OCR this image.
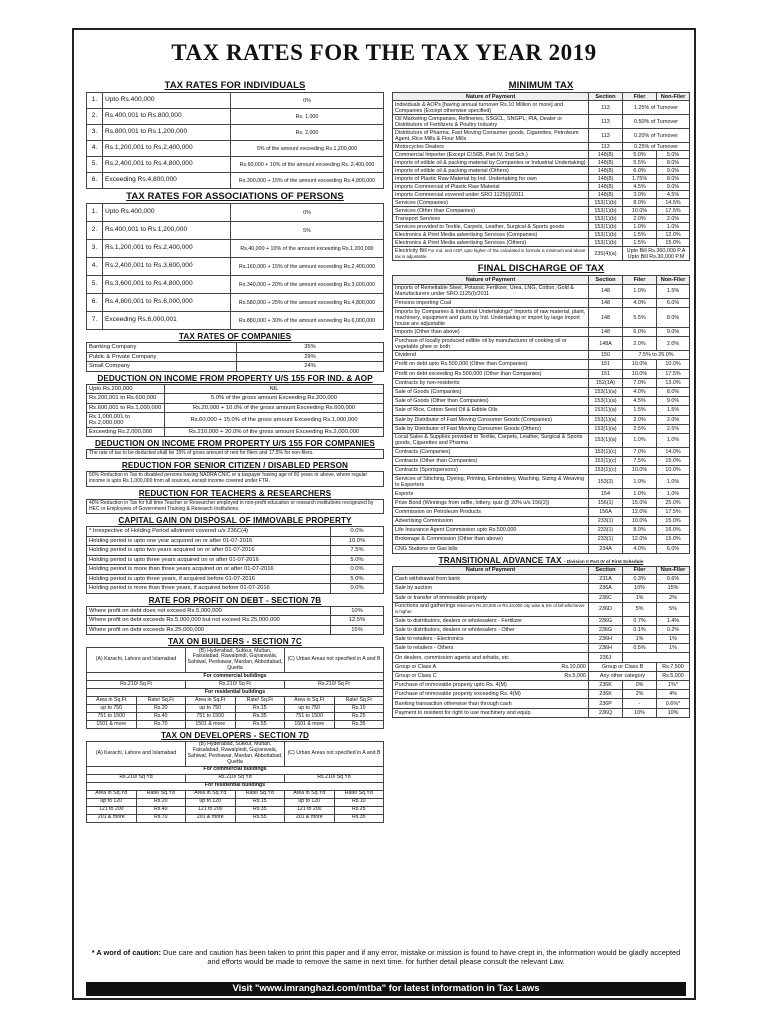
TAX RATES FOR THE TAX YEAR 2019
TAX RATES FOR INDIVIDUALS
1.	Upto Rs.400,000	0%
2.	Rs.400,001 to Rs.800,000	Rs. 1,000
3.	Rs.800,001 to Rs.1,200,000	Rs. 2,000
4.	Rs.1,200,001 to Rs.2,400,000	5% of the amount exceeding Rs.1,200,000
5.	Rs.2,400,001 to Rs.4,800,000	Rs.60,000 + 10% of the amount exceeding Rs..2,400,000
6.	Exceeding Rs.4,800,000	Rs.300,000 + 15% of the amount exceeding Rs.4,800,000
TAX RATES FOR ASSOCIATIONS OF PERSONS
1.	Upto Rs.400,000	0%
2.	Rs.400,001 to Rs.1,200,000	5%
3.	Rs.1,200,001 to Rs.2,400,000	Rs.40,000 + 10% of the amount exceeding Rs.1,200,000
4.	Rs.2,400,001 to Rs.3,600,000	Rs.160,000 + 15% of the amount exceeding Rs.2,400,000
5.	Rs.3,600,001 to Rs.4,800,000	Rs.340,000 + 20% of the amount exceeding Rs.3,600,000
6.	Rs.4,800,001 to Rs.6,000,000	Rs.580,000 + 25% of the amount exceeding Rs.4,800,000
7.	Exceeding Rs.6,000,001	Rs.880,000 + 30% of the amount exceeding Rs.6,000,000
TAX RATES OF COMPANIES
Banking Company	35%
Public & Private Company	29%
Small Company	24%
DEDUCTION ON INCOME FROM PROPERTY U/S 155 FOR IND. & AOP
Upto Rs.200,000	NIL
Rs.200,001 to Rs.600,000	5.0% of the gross amount Exceeding Rs.200,000
Rs.600,001 to Rs.1,000,000	Rs.20,000 + 10.0% of the gross amount Exceeding Rs.600,000
Rs.1,000,001 to Rs.2,000,000	Rs.60,000 + 15.0% of the gross amount Exceeding Rs.1,000,000
Exceeding Rs.2,000,000	Rs.210,000 + 20.0% of the gross amount Exceeding Rs.2,000,000
DEDUCTION ON INCOME FROM PROPERTY U/S 155 FOR COMPANIES
The rate of tax to be deducted shall be 15% of gross amount of rent for filers and 17.5% for non-filers.
REDUCTION FOR SENIOR CITIZEN / DISABLED PERSON
50% Reduction in Tax to disabled persons having NADRA CNIC or a taxpayer having age of 60 years or above, where regular income is upto Rs.1,000,000 from all sources, except income covered under FTR.
REDUCTION FOR TEACHERS & RESEARCHERS
40% Reduction in Tax for full time Teacher or Researcher employed in non-profit education or research institutions recognized by HEC or Employees of Government Training & Research Institutions.
CAPITAL GAIN ON DISPOSAL OF IMMOVABLE PROPERTY
* Irrespective of Holding Period allotment covered u/s 236C(4)	0.0%
Holding period is upto one year acquired on or after 01-07-2016	10.0%
Holding period is upto two years acquired on or after 01-07-2016	7.5%
Holding period is upto three years acquired on or after 01-07-2016	5.0%
Holding period is more than three years acquired on or after 01-07-2016	0.0%
Holding period is upto three years, if acquired before 01-07-2016	5.0%
Holding period is more than three years, if acquired before 01-07-2016	0.0%
RATE FOR PROFIT ON DEBT - SECTION 7B
Where profit on debt does not exceed Rs.5,000,000	10%
Where profit on debt exceeds Rs.5,000,000 but not exceed Rs.25,000,000	12.5%
Where profit on debt exceeds Rs.25,000,000	15%
TAX ON BUILDERS - SECTION 7C
(A) Karachi, Lahore and Islamabad		(B) Hyderabad, Sukkur, Multan, Faisalabad, Rawalpindi, Gujranwala, Sahiwal, Peshawar, Mardan, Abbottabad, Quetta		(C) Urban Areas not specified in A and B	
For commercial buildings					
Rs.210/ Sq Ft		Rs.210/ Sq Ft		Rs.210/ Sq Ft	
For residential buildings					
Area in Sq.Ft	Rate/ Sq.Ft	Area in Sq.Ft	Rate/ Sq.Ft	Area in Sq.Ft	Rate/ Sq.Ft
up to 750	Rs.20	up to 750	Rs.15	up to 750	Rs.10
751 to 1500	Rs.40	751 to 1500	Rs.35	751 to 1500	Rs.25
1501 & more	Rs.70	1501 & more	Rs.55	1501 & more	Rs.35
TAX ON DEVELOPERS - SECTION 7D
(A) Karachi, Lahore and Islamabad		(B) Hyderabad, Sukkur, Multan, Faisalabad, Rawalpindi, Gujranwala, Sahiwal, Peshawar, Mardan, Abbottabad, Quetta		(C) Urban Areas not specified in A and B	
For commercial buildings					
Rs.210/ Sq Yd		Rs.210/ Sq Yd		Rs.210/ Sq Yd	
For residential buildings					
Area in Sq.Yd	Rate/ Sq.Yd	Area in Sq.Yd	Rate/ Sq.Yd	Area in Sq.Yd	Rate/ Sq.Yd
up to 120	Rs.20	up to 120	Rs.15	up to 120	Rs.10
121 to 200	Rs.40	121 to 200	Rs.35	121 to 200	Rs.25
201 & more	Rs.70	201 & more	Rs.55	201 & more	Rs.35
MINIMUM TAX
Nature of Payment	Section	Filer	Non-Filer
Individuals & AOPs [having annual turnover Rs.10 Million or more] and Companies (Except otherwise specified)	113	1.25% of Turnover	
Oil Marketing Companies, Refineries, SSGCL, SNGPL, PIA, Dealer or Distributors of Fertilizers & Poultry Industry	113	0.50% of Turnover	
Distributors of Pharma, Fast Moving Consumer goods, Cigarettes, Petroleum Agent, Rice Mills & Flour Mills	113	0.20% of Turnover	
Motorcycles Dealers	113	0.25% of Turnover	
Commercial Importer (Except Cl.56B, Part IV, 2nd Sch.)	148(8)	5.0%	5.0%
Imports of edible oil & packing material by Companies or Industrial Undertaking)	148(8)	5.5%	8.0%
Imports of edible oil & packing material (Others)	148(8)	6.0%	9.0%
Imports of Plastic Raw Material by Ind. Undertaking for own	148(8)	1.75%	8.0%
Imports Commercial of Plastic Raw Material	148(8)	4.5%	9.0%
Imports Commercial covered under SRO.1125(I)/2011	148(8)	3.0%	4.5%
Services (Companies)	153(1)(b)	8.0%	14.5%
Services (Other than Companies)	153(1)(b)	10.0%	17.5%
Transport Services	153(1)(b)	2.0%	2.0%
Services provided to Textile, Carpets, Leather, Surgical & Sports goods	153(1)(b)	1.0%	1.0%
Electronics & Print Media advertising Services (Companies)	153(1)(b)	1.5%	12.0%
Electronics & Print Media advertising Services (Others)	153(1)(b)	1.5%	15.0%
Electricity Bill For Ind. and AOP, upto higher of Tax calculated in formula is minimum and above tax is adjustable.	235(4)(a)	Upto Bill Rs.360,000 P.A Upto Bill Rs.30,000 P.M	
FINAL DISCHARGE OF TAX
Nature of Payment	Section	Filer	Non-Filer
Imports of Remeltable Steel, Potassic Fertilizer, Urea, LNG, Cotton, Gold & Manufacturers under SRO.1125(I)/2011	148	1.0%	1.5%
Persons importing Coal	148	4.0%	6.0%
Imports by Companies & Industrial Undertakings* Imports of raw material, plant, machinery, equipment and parts by Ind. Undertaking or import by large import house are adjustable	148	5.5%	8.0%
Imports (Other than above)	148	6.0%	9.0%
Purchase of locally produced edible oil by manufacturer of cooking oil or vegetable ghee or both	148A	2.0%	2.0%
Dividend	150	7.5% to 25.0%	
Profit on debt upto Rs.500,000 (Other than Companies)	151	10.0%	10.0%
Profit on debt exceeding Rs.500,000 (Other than Companies)	151	10.0%	17.5%
Contracts by non-residents	152(1A)	7.0%	13.0%
Sale of Goods (Companies)	153(1)(a)	4.0%	8.0%
Sale of Goods (Other than Companies)	153(1)(a)	4.5%	9.0%
Sale of Rice, Cotton Seed Oil & Edible Oils	153(1)(a)	1.5%	1.5%
Sale by Distributor of Fast Moving Consumer Goods (Companies)	153(1)(a)	2.0%	2.0%
Sale by Distributor of Fast Moving Consumer Goods (Others)	153(1)(a)	2.5%	2.5%
Local Sales & Supplies provided to Textile, Carpets, Leather, Surgical & Sports goods, Cigarettes and Pharma	153(1)(a)	1.0%	1.0%
Contracts (Companies)	153(1)(c)	7.0%	14.0%
Contracts (Other than Companies)	153(1)(c)	7.5%	15.0%
Contracts (Sportspersons)	153(1)(c)	10.0%	10.0%
Services of Stitching, Dyeing, Printing, Embroidery, Washing, Sizing & Weaving to Exporters	153(2)	1.0%	1.0%
Exports	154	1.0%	1.0%
Prize Bond (Winnings from raffle, lottery, quiz @ 20% u/s 156(2))	156(1)	15.0%	25.0%
Commission on Petroleum Products	156A	12.0%	17.5%
Advertising Commission	233(1)	10.0%	15.0%
Life Insurance Agent Commission upto Rs.500,000	233(1)	8.0%	16.0%
Brokerage & Commission (Other than above)	233(1)	12.0%	15.0%
CNG Stations on Gas bills	234A	4.0%	6.0%
TRANSITIONAL ADVANCE TAX - Division II Part IV of First Schedule
Nature of Payment	Section	Filer	Non-Filer
Cash withdrawal from bank	231A	0.3%	0.6%
Sale by auction	236A	10%	15%
Sale or transfer of immovable property	236C	1%	2%
Functions and gatherings Minimum Rs.20,000 or Rs.10,000 city wise & 5% of bill whichever is higher.	236D	5%	5%
Sale to distributors, dealers or wholesalers - Fertilizer	236G	0.7%	1.4%
Sale to distributors, dealers or wholesalers - Other	236G	0.1%	0.2%
Sale to retailers - Electronics	236H	1%	1%
Sale to retailers - Others	236H	0.5%	1%
On dealers, commission agents and arhatis, etc	236J		

Group or Class A Rs.10,000	Group or Class B		Rs.7,500

Group or Class C Rs.5,000	Any other category		Rs.5,000
Purchase of immovable property upto Rs. 4(M)	236K	0%	1%*
Purchase of immovable property exceeding Rs. 4(M)	236K	2%	4%
Banking transaction otherwise than through cash	236P	-	0.6%*
Payment to resident for right to use machinery and equip	236Q	10%	10%
* A word of caution: Due care and caution has been taken to print this paper and if any error, mistake or mission is found to have crept in, the information would be gladly accepted and efforts would be made to remove the same in next time. for further detail please consult the relevant Law.
Visit "www.imranghazi.com/mtba" for latest information in Tax Laws
